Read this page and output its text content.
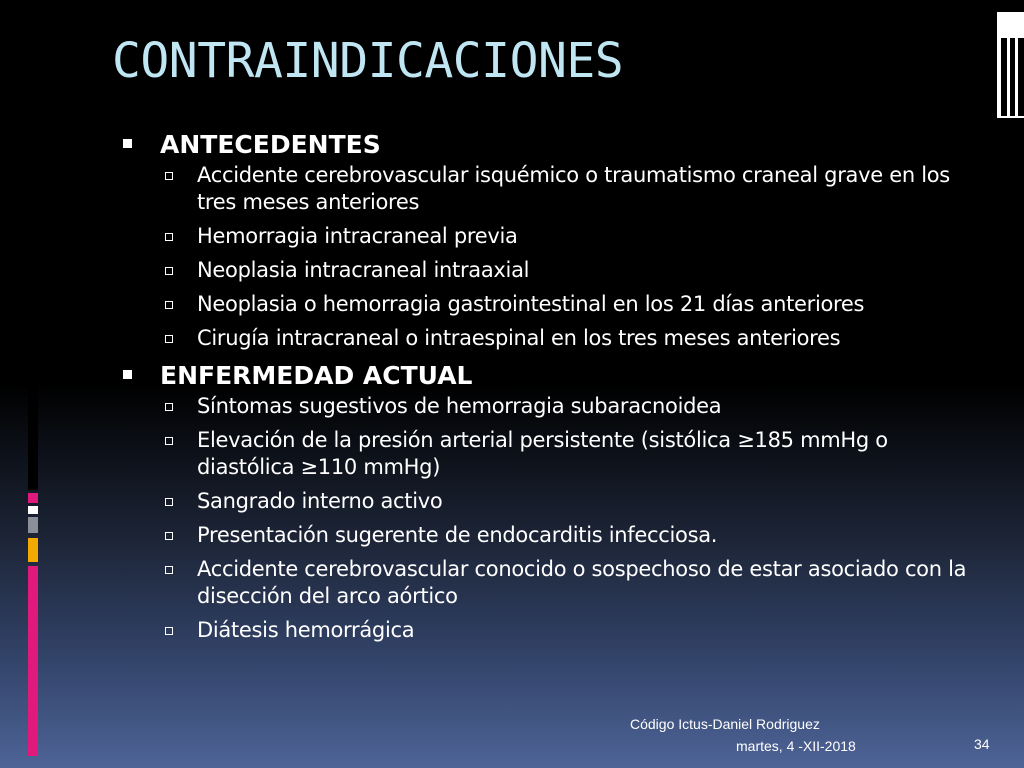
CONTRAINDICACIONES
ANTECEDENTES
Accidente cerebrovascular isquémico o traumatismo craneal grave en los tres meses anteriores
Hemorragia intracraneal previa
Neoplasia intracraneal intraaxial
Neoplasia o hemorragia gastrointestinal en los 21 días anteriores
Cirugía intracraneal o intraespinal en los tres meses anteriores
ENFERMEDAD ACTUAL
Síntomas sugestivos de hemorragia subaracnoidea
Elevación de la presión arterial persistente (sistólica ≥185 mmHg o diastólica ≥110 mmHg)
Sangrado interno activo
Presentación sugerente de endocarditis infecciosa.
Accidente cerebrovascular conocido o sospechoso de estar asociado con la disección del arco aórtico
Diátesis hemorrágica
Código Ictus-Daniel Rodriguez
martes, 4 -XII-2018	34
